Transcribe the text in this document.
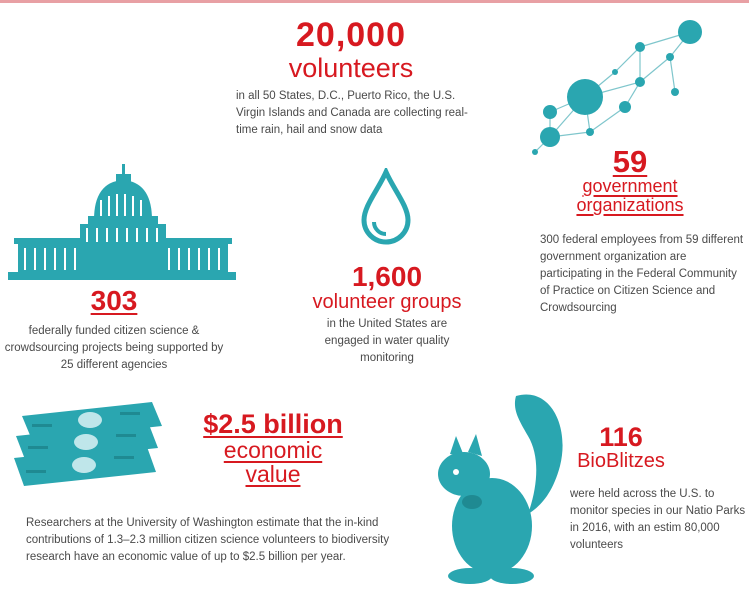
20,000
volunteers
in all 50 States, D.C., Puerto Rico, the U.S. Virgin Islands and Canada are collecting real-time rain, hail and snow data
59
government
organizations
300 federal employees from 59 different government organization are participating in the Federal Community of Practice on Citizen Science and Crowdsourcing
303
federally funded citizen science & crowdsourcing projects being supported by 25 different agencies
1,600
volunteer groups
in the United States are engaged in water quality monitoring
$2.5 billion
economic
value
Researchers at the University of Washington estimate that the in-kind contributions of 1.3–2.3 million citizen science volunteers to biodiversity research have an economic value of up to $2.5 billion per year.
116
BioBlitzes
were held across the U.S. to monitor species in our Natio Parks in 2016, with an estim 80,000 volunteers
